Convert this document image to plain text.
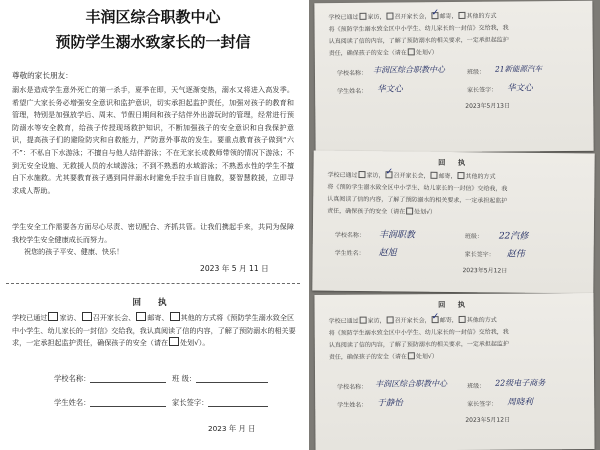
丰润区综合职教中心
预防学生溺水致家长的一封信
尊敬的家长朋友：
溺水是造成学生意外死亡的第一杀手，夏季在即，天气逐渐变热，溺水又将进入高发季。希望广大家长务必增强安全意识和监护意识，切实承担起监护责任，加强对孩子的教育和管理，特别是加强放学后、周末、节假日期间和孩子结伴外出游玩时的管理，经常进行预防溺水等安全教育，给孩子传授现场救护知识，不断加强孩子的安全意识和自我保护意识，提高孩子们的避险防灾和自救能力，严防意外事故的发生。要重点教育孩子做到“六不”：不私自下水游泳；不擅自与他人结伴游泳；不在无家长或教师带领的情况下游泳；不到无安全设施、无救援人员的水域游泳；不到不熟悉的水域游泳；不熟悉水性的学生不擅自下水施救。尤其要教育孩子遇到同伴溺水时避免手拉手盲目施救，要智慧救援，立即寻求成人帮助。
学生安全工作需要各方面尽心尽责、密切配合、齐抓共管。让我们携起手来，共同为保障我校学生安全健康成长而努力。
祝您的孩子平安、健康、快乐！
2023 年 5 月 11 日
回 执
学校已通过 家访、 召开家长会、 邮寄、 其他的方式将《预防学生溺水致全区中小学生、幼儿家长的一封信》交给我，我认真阅读了信的内容，了解了预防溺水的相关要求，一定承担起监护责任，确保孩子的安全（请在 处划√）。
学校名称：	班 级：
学生姓名：	家长签字：
2023 年 月 日
学校已通过 家访， 召开家长会，✓邮寄， 其他的方式
将《预防学生溺水致全区中小学生、幼儿家长的一封信》交给我，我
认真阅读了信的内容，了解了预防溺水的相关要求，一定承担起监护
责任，确保孩子的安全（请在 处划√）
学校名称： 丰润区综合职教中心	班级： 21新能源汽车
学生姓名： 华文心	家长签字： 华文心
2023年5月13日
回 执
学校已通过 家访，✓召开家长会， 邮寄， 其他的方式
将《预防学生溺水致全区中小学生、幼儿家长的一封信》交给我，我
认真阅读了信的内容，了解了预防溺水的相关要求，一定承担起监护
责任，确保孩子的安全（请在 处划√）
学校名称： 丰润职教	班级： 22汽修
学生姓名： 赵旭	家长签字： 赵伟
2023年5月12日
回 执
学校已通过 家访， 召开家长会，✓邮寄， 其他的方式
将《预防学生溺水致全区中小学生、幼儿家长的一封信》交给我，我
认真阅读了信的内容，了解了预防溺水的相关要求，一定承担起监护
责任，确保孩子的安全（请在 处划√）
学校名称： 丰润区综合职教中心	班级： 22级电子商务
学生姓名： 于静怡	家长签字： 周晓利
2023年5月12日
